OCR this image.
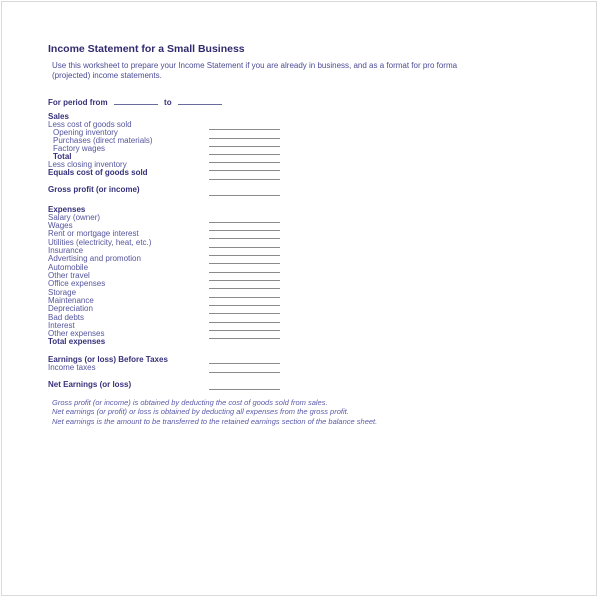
Income Statement for a Small Business
Use this worksheet to prepare your Income Statement if you are already in business, and as a format for pro forma (projected) income statements.
For period from	to
Sales
Less cost of goods sold
Opening inventory
Purchases (direct materials)
Factory wages
Total
Less closing inventory
Equals cost of goods sold
Gross profit (or income)
Expenses
Salary (owner)
Wages
Rent or mortgage interest
Utilities (electricity, heat, etc.)
Insurance
Advertising and promotion
Automobile
Other travel
Office expenses
Storage
Maintenance
Depreciation
Bad debts
Interest
Other expenses
Total expenses
Earnings (or loss) Before Taxes
Income taxes
Net Earnings (or loss)
Gross profit (or income) is obtained by deducting the cost of goods sold from sales.
Net earnings (or profit) or loss is obtained by deducting all expenses from the gross profit.
Net earnings is the amount to be transferred to the retained earnings section of the balance sheet.
